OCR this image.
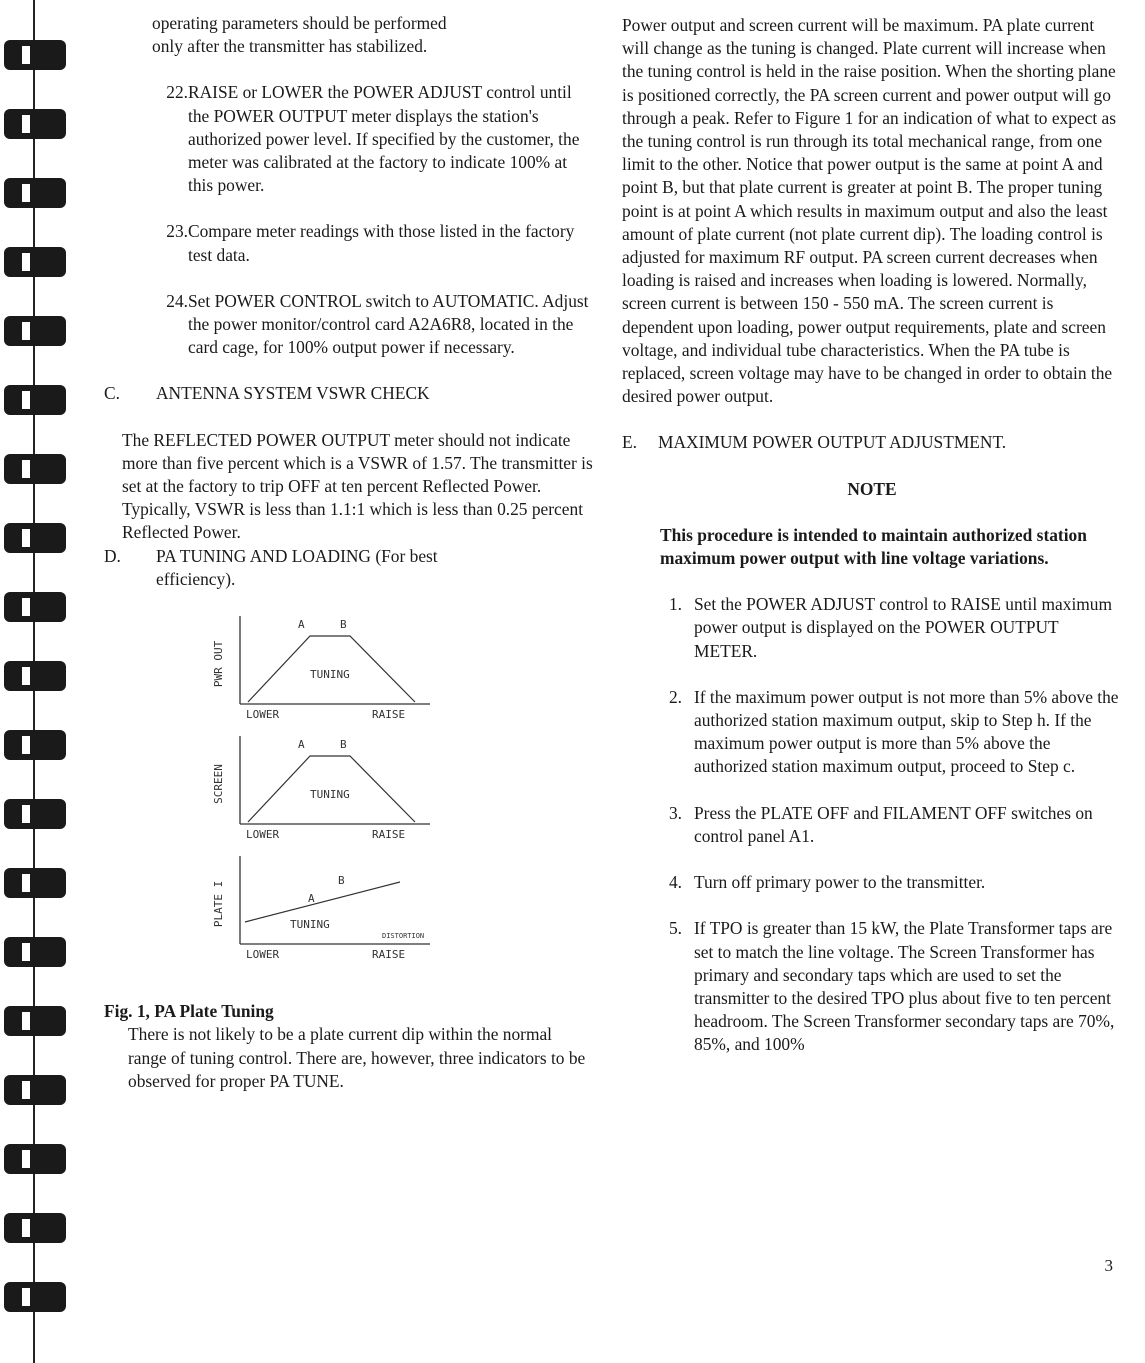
operating parameters should be performed

only after the transmitter has stabilized.

22. RAISE or LOWER the POWER ADJUST control until the POWER OUTPUT meter displays the station's authorized power level. If specified by the customer, the meter was calibrated at the factory to indicate 100% at this power.
23. Compare meter readings with those listed in the factory test data.
24. Set POWER CONTROL switch to AUTOMATIC. Adjust the power monitor/control card A2A6R8, located in the card cage, for 100% output power if necessary.
C.	ANTENNA SYSTEM VSWR CHECK

The REFLECTED POWER OUTPUT meter should not indicate more than five percent which is a VSWR of 1.57. The transmitter is set at the factory to trip OFF at ten percent Reflected Power. Typically, VSWR is less than 1.1:1 which is less than 0.25 percent Reflected Power.

D.	PA TUNING AND LOADING (For best efficiency).
PWR OUT
A	B
TUNING
LOWER	RAISE
SCREEN
A	B
TUNING
LOWER	RAISE
PLATE I	A
B
TUNING
DISTORTION
LOWER	RAISE

Fig. 1, PA Plate Tuning

There is not likely to be a plate current dip within the normal range of tuning control. There are, however, three indicators to be observed for proper PA TUNE.

Power output and screen current will be maximum. PA plate current will change as the tuning is changed. Plate current will increase when the tuning control is held in the raise position. When the shorting plane is positioned correctly, the PA screen current and power output will go through a peak. Refer to Figure 1 for an indication of what to expect as the tuning control is run through its total mechanical range, from one limit to the other. Notice that power output is the same at point A and point B, but that plate current is greater at point B. The proper tuning point is at point A which results in maximum output and also the least amount of plate current (not plate current dip). The loading control is adjusted for maximum RF output. PA screen current decreases when loading is raised and increases when loading is lowered. Normally, screen current is between 150 - 550 mA. The screen current is dependent upon loading, power output requirements, plate and screen voltage, and individual tube characteristics. When the PA tube is replaced, screen voltage may have to be changed in order to obtain the desired power output.

E.	MAXIMUM POWER OUTPUT ADJUSTMENT.

NOTE

This procedure is intended to maintain authorized station maximum power output with line voltage variations.

1. Set the POWER ADJUST control to RAISE until maximum power output is displayed on the POWER OUTPUT METER.
2. If the maximum power output is not more than 5% above the authorized station maximum output, skip to Step h. If the maximum power output is more than 5% above the authorized station maximum output, proceed to Step c.
3. Press the PLATE OFF and FILAMENT OFF switches on control panel A1.
4. Turn off primary power to the transmitter.
5. If TPO is greater than 15 kW, the Plate Transformer taps are set to match the line voltage. The Screen Transformer has primary and secondary taps which are used to set the transmitter to the desired TPO plus about five to ten percent headroom. The Screen Transformer secondary taps are 70%, 85%, and 100%
3
